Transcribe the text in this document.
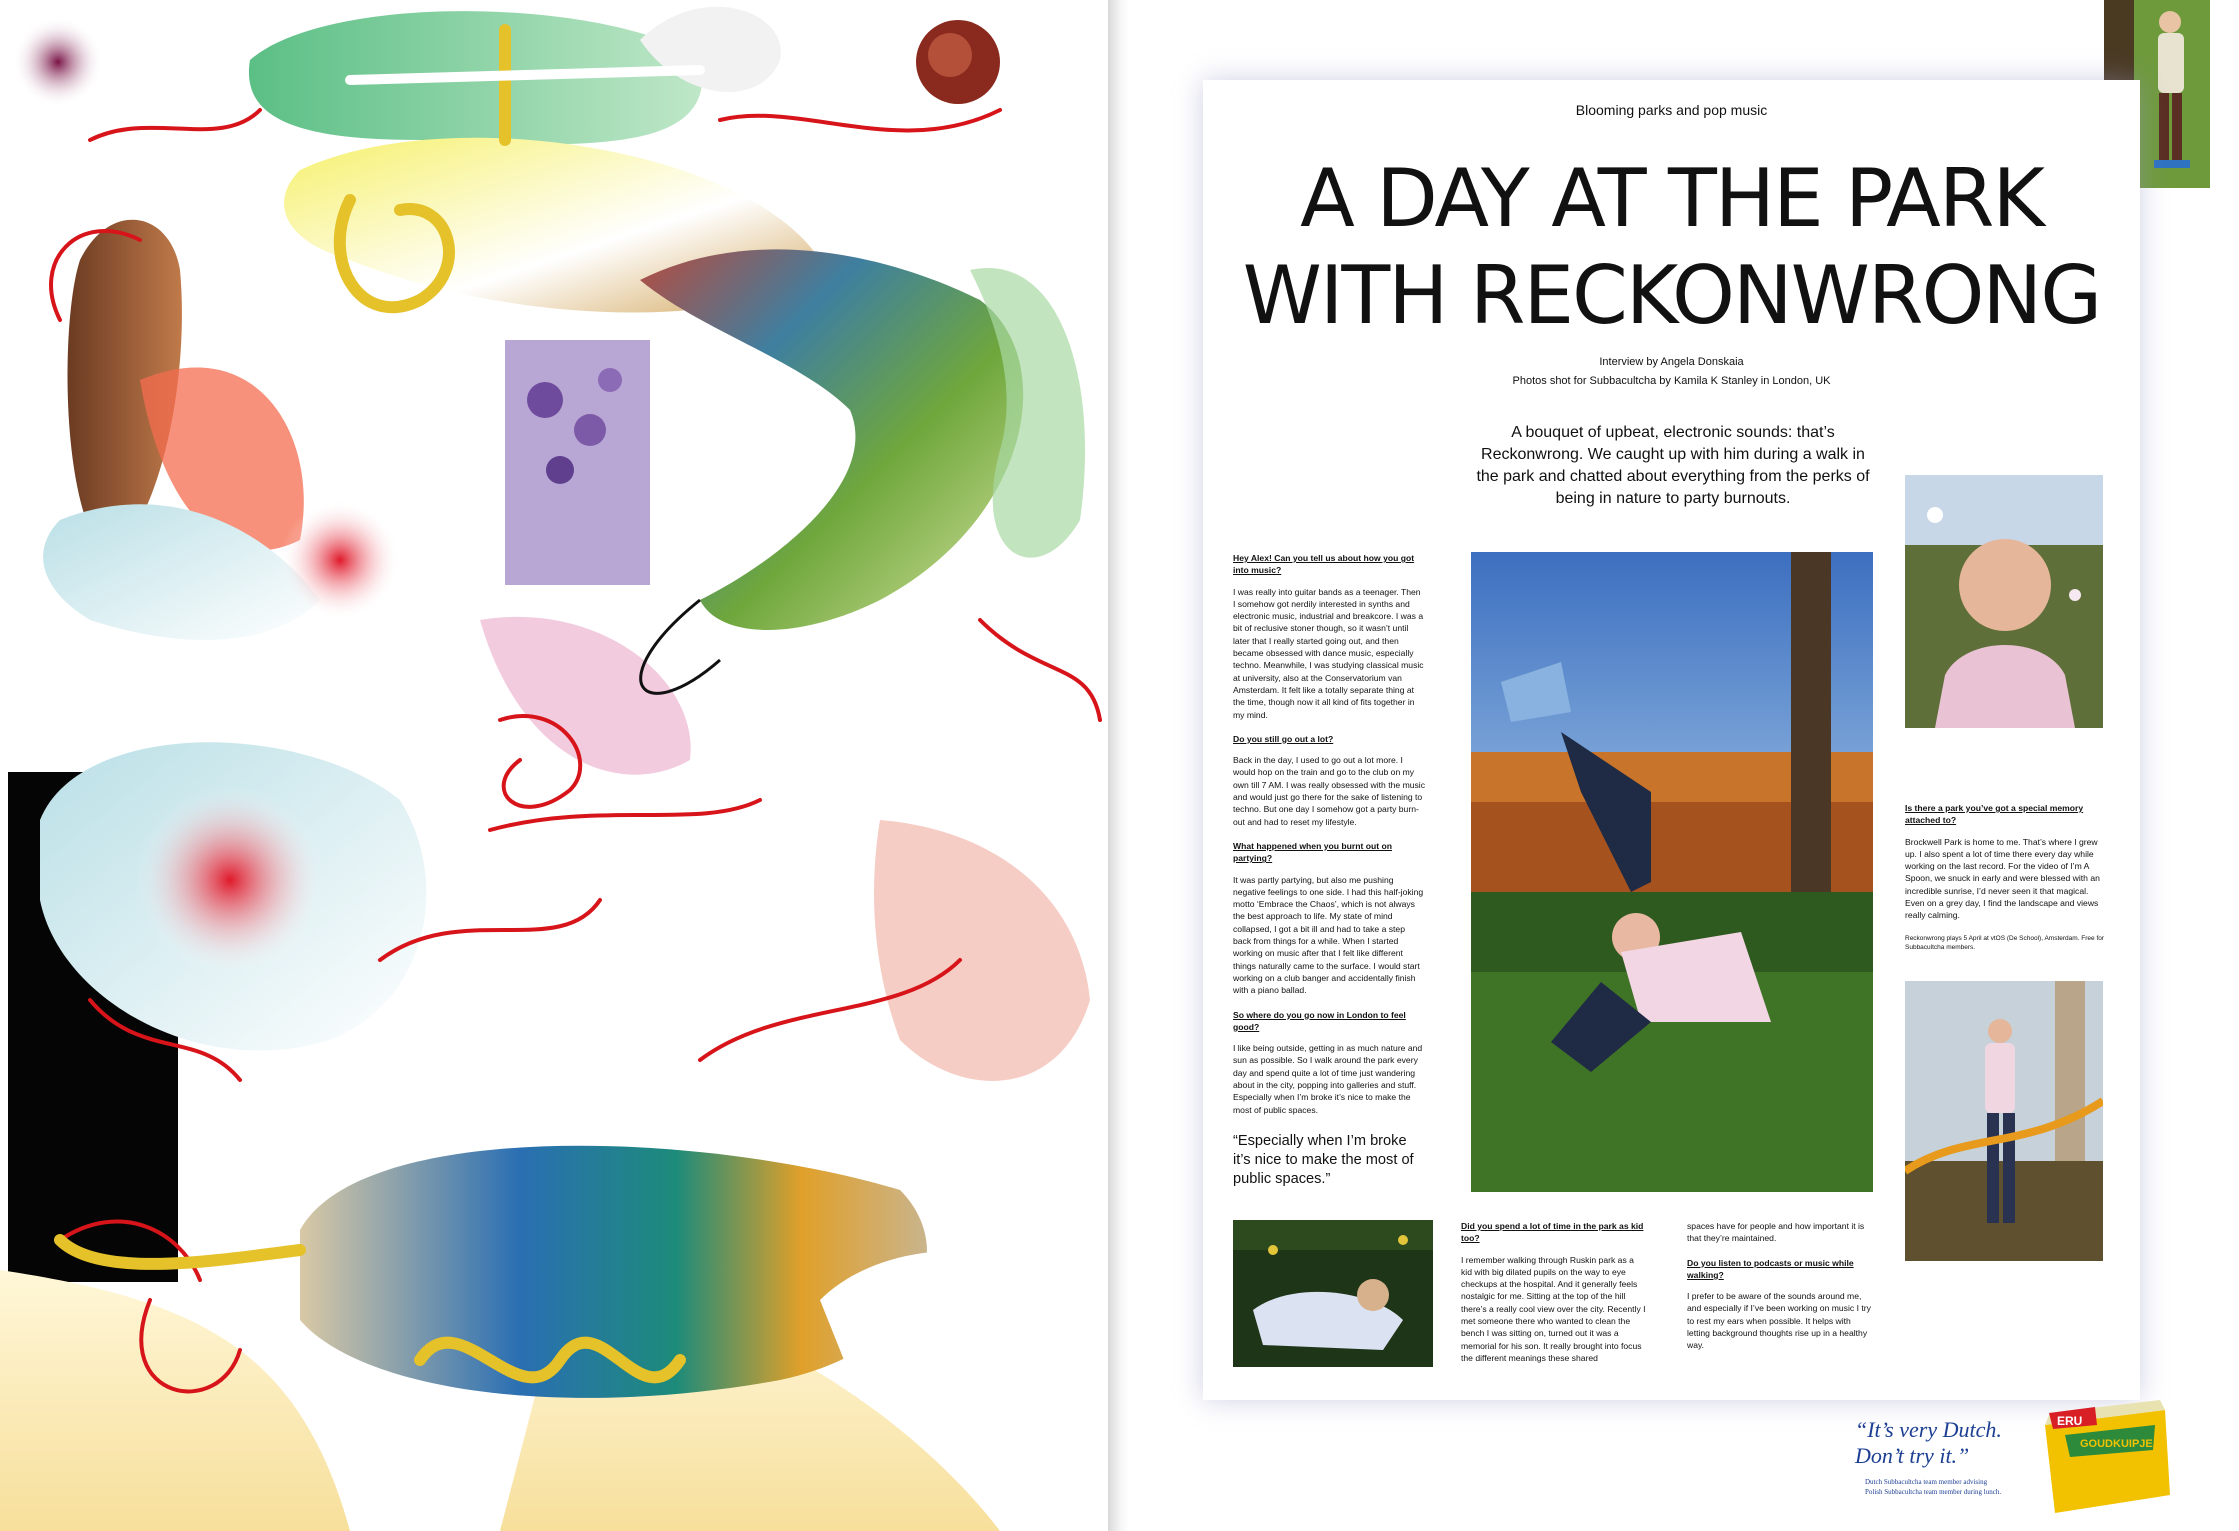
Blooming parks and pop music
A DAY AT THE PARK
WITH RECKONWRONG
Interview by Angela Donskaia
Photos shot for Subbacultcha by Kamila K Stanley in London, UK
A bouquet of upbeat, electronic sounds: that’s Reckonwrong. We caught up with him during a walk in the park and chatted about everything from the perks of being in nature to party burnouts.

Hey Alex! Can you tell us about how you got into music?

I was really into guitar bands as a teenager. Then I somehow got nerdily interested in synths and electronic music, industrial and breakcore. I was a bit of reclusive stoner though, so it wasn’t until later that I really started going out, and then became obsessed with dance music, especially techno. Meanwhile, I was studying classical music at university, also at the Conservatorium van Amsterdam. It felt like a totally separate thing at the time, though now it all kind of fits together in my mind.

Do you still go out a lot?

Back in the day, I used to go out a lot more. I would hop on the train and go to the club on my own till 7 AM. I was really obsessed with the music and would just go there for the sake of listening to techno. But one day I somehow got a party burn-out and had to reset my lifestyle.

What happened when you burnt out on partying?

It was partly partying, but also me pushing negative feelings to one side. I had this half-joking motto ‘Embrace the Chaos’, which is not always the best approach to life. My state of mind collapsed, I got a bit ill and had to take a step back from things for a while. When I started working on music after that I felt like different things naturally came to the surface. I would start working on a club banger and accidentally finish with a piano ballad.

So where do you go now in London to feel good?

I like being outside, getting in as much nature and sun as possible. So I walk around the park every day and spend quite a lot of time just wandering about in the city, popping into galleries and stuff. Especially when I’m broke it’s nice to make the most of public spaces.

“Especially when I’m broke it’s nice to make the most of public spaces.”

Is there a park you’ve got a special memory attached to?

Brockwell Park is home to me. That’s where I grew up. I also spent a lot of time there every day while working on the last record. For the video of I’m A Spoon, we snuck in early and were blessed with an incredible sunrise, I’d never seen it that magical. Even on a grey day, I find the landscape and views really calming.

Reckonwrong plays 5 April at vtOS (De School), Amsterdam. Free for Subbacultcha members.

Did you spend a lot of time in the park as kid too?

I remember walking through Ruskin park as a kid with big dilated pupils on the way to eye checkups at the hospital. And it generally feels nostalgic for me. Sitting at the top of the hill there’s a really cool view over the city. Recently I met someone there who wanted to clean the bench I was sitting on, turned out it was a memorial for his son. It really brought into focus the different meanings these shared

spaces have for people and how important it is that they’re maintained.

Do you listen to podcasts or music while walking?

I prefer to be aware of the sounds around me, and especially if I’ve been working on music I try to rest my ears when possible. It helps with letting background thoughts rise up in a healthy way.

“It’s very Dutch.
Don’t try it.”
Dutch Subbacultcha team member advising
Polish Subbacultcha team member during lunch.
ERU
GOUDKUIPJE
